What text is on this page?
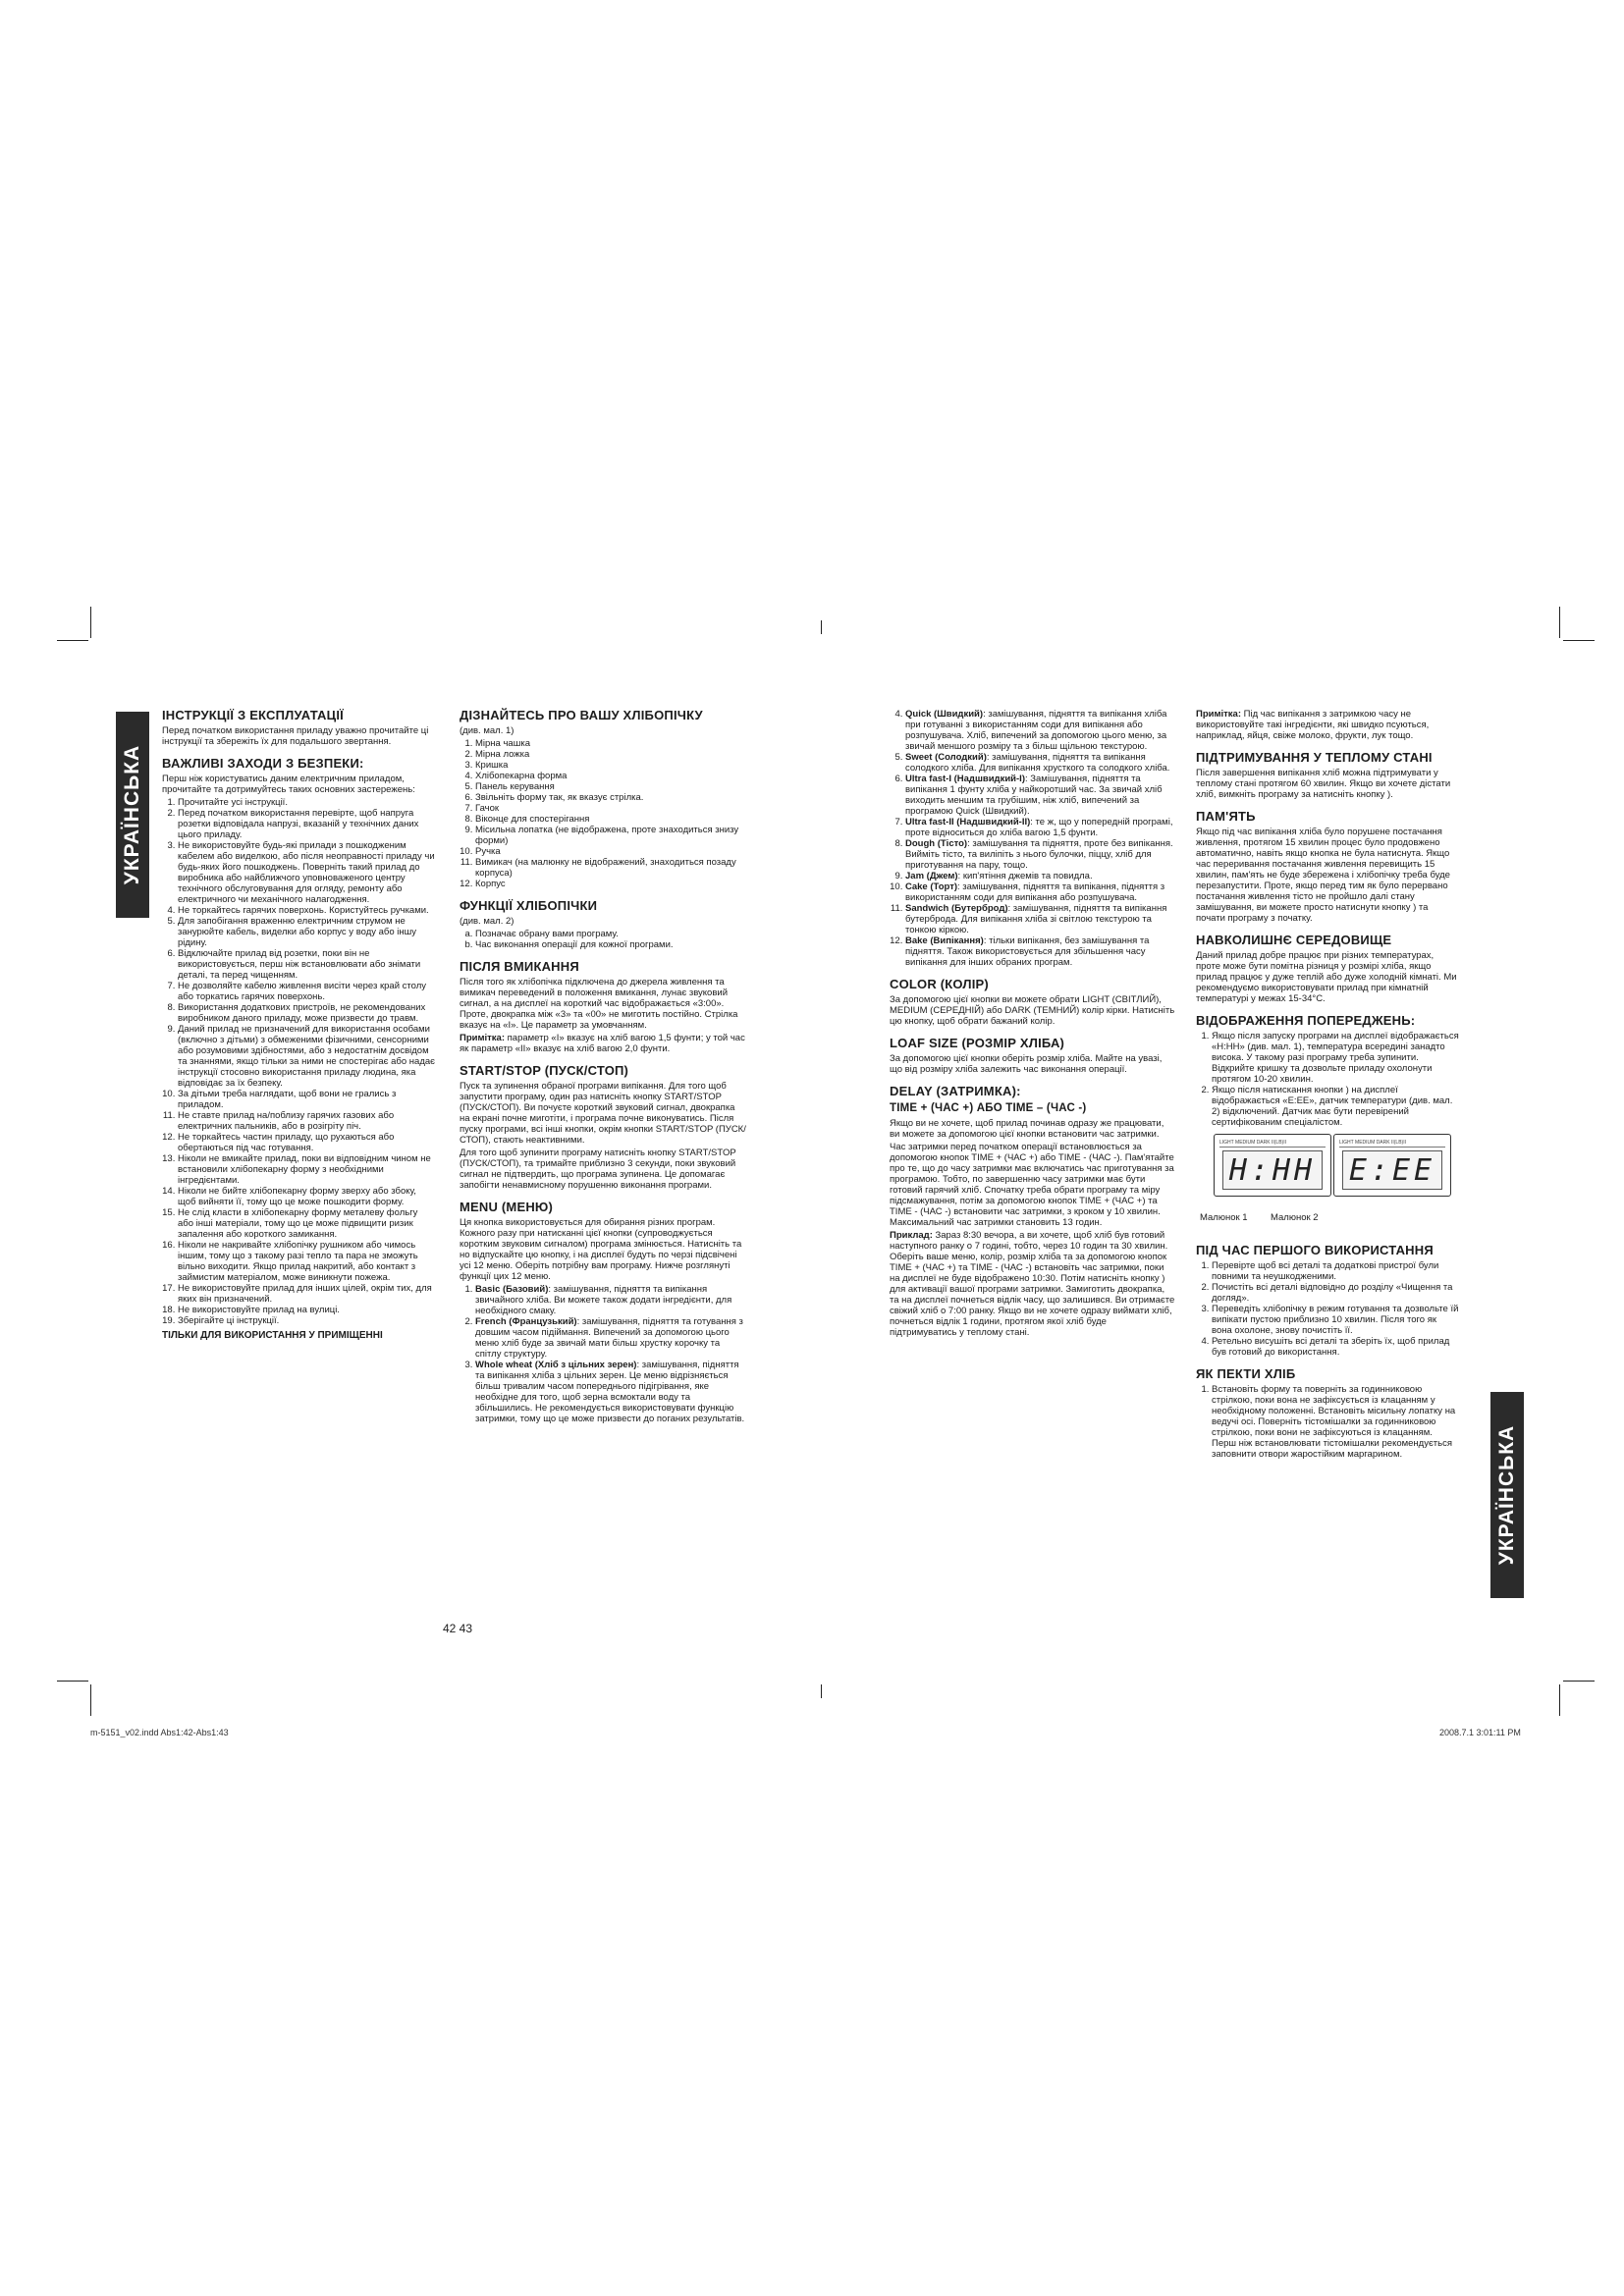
УКРАЇНСЬКА
УКРАЇНСЬКА
ІНСТРУКЦІЇ З ЕКСПЛУАТАЦІЇ

Перед початком використання приладу уважно прочитайте ці інструкції та збережіть їх для подальшого звертання.

ВАЖЛИВІ ЗАХОДИ З БЕЗПЕКИ:

Перш ніж користуватись даним електричним приладом, прочитайте та дотримуйтесь таких основних застережень:

1. Прочитайте усі інструкції.
2. Перед початком використання перевірте, щоб напруга розетки відповідала напрузі, вказаній у технічних даних цього приладу.
3. Не використовуйте будь-які прилади з пошкодженим кабелем або виделкою, або після неоправності приладу чи будь-яких його пошкоджень. Поверніть такий прилад до виробника або найближчого уповноваженого центру технічного обслуговування для огляду, ремонту або електричного чи механічного налагодження.
4. Не торкайтесь гарячих поверхонь. Користуйтесь ручками.
5. Для запобігання враженню електричним струмом не занурюйте кабель, виделки або корпус у воду або іншу рідину.
6. Відключайте прилад від розетки, поки він не використовується, перш ніж встановлювати або знімати деталі, та перед чищенням.
7. Не дозволяйте кабелю живлення висіти через край столу або торкатись гарячих поверхонь.
8. Використання додаткових пристроїв, не рекомендованих виробником даного приладу, може призвести до травм.
9. Даний прилад не призначений для використання особами (включно з дітьми) з обмеженими фізичними, сенсорними або розумовими здібностями, або з недостатнім досвідом та знаннями, якщо тільки за ними не спостерігає або надає інструкції стосовно використання приладу людина, яка відповідає за їх безпеку.
10. За дітьми треба наглядати, щоб вони не грались з приладом.
11. Не ставте прилад на/поблизу гарячих газових або електричних пальників, або в розігріту піч.
12. Не торкайтесь частин приладу, що рухаються або обертаються під час готування.
13. Ніколи не вмикайте прилад, поки ви відповідним чином не встановили хлібопекарну форму з необхідними інгредієнтами.
14. Ніколи не бийте хлібопекарну форму зверху або збоку, щоб вийняти її, тому що це може пошкодити форму.
15. Не слід класти в хлібопекарну форму металеву фольгу або інші матеріали, тому що це може підвищити ризик запалення або короткого замикання.
16. Ніколи не накривайте хлібопічку рушником або чимось іншим, тому що з такому разі тепло та пара не зможуть вільно виходити. Якщо прилад накритий, або контакт з займистим матеріалом, може виникнути пожежа.
17. Не використовуйте прилад для інших цілей, окрім тих, для яких він призначений.
18. Не використовуйте прилад на вулиці.
19. Зберігайте ці інструкції.

ТІЛЬКИ ДЛЯ ВИКОРИСТАННЯ У ПРИМІЩЕННІ

ДІЗНАЙТЕСЬ ПРО ВАШУ ХЛІБОПІЧКУ

(див. мал. 1)

1. Мірна чашка
2. Мірна ложка
3. Кришка
4. Хлібопекарна форма
5. Панель керування
6. Звільніть форму так, як вказує стрілка.
7. Гачок
8. Віконце для спостерігання
9. Місильна лопатка (не відображена, проте знаходиться знизу форми)
10. Ручка
11. Вимикач (на малюнку не відображений, знаходиться позаду корпуса)
12. Корпус
ФУНКЦІЇ ХЛІБОПІЧКИ

(див. мал. 2)

a. Позначає обрану вами програму.
b. Час виконання операції для кожної програми.
ПІСЛЯ ВМИКАННЯ

Після того як хлібопічка підключена до джерела живлення та вимикач переведений в положення вмикання, лунає звуковий сигнал, а на дисплеї на короткий час відображається «3:00». Проте, двокрапка між «3» та «00» не миготить постійно. Стрілка вказує на «I». Це параметр за умовчанням.

Примітка: параметр «I» вказує на хліб вагою 1,5 фунти; у той час як параметр «II» вказує на хліб вагою 2,0 фунти.

START/STOP (ПУСК/СТОП)

Пуск та зупинення обраної програми випікання. Для того щоб запустити програму, один раз натисніть кнопку START/STOP (ПУСК/СТОП). Ви почуєте короткий звуковий сигнал, двокрапка на екрані почне миготіти, і програма почне виконуватись. Після пуску програми, всі інші кнопки, окрім кнопки START/STOP (ПУСК/СТОП), стають неактивними.

Для того щоб зупинити програму натисніть кнопку START/STOP (ПУСК/СТОП), та тримайте приблизно 3 секунди, поки звуковий сигнал не підтвердить, що програма зупинена. Це допомагає запобігти ненавмисному порушенню виконання програми.

MENU (МЕНЮ)

Ця кнопка використовується для обирання різних програм. Кожного разу при натисканні цієї кнопки (супроводжується коротким звуковим сигналом) програма змінюється. Натисніть та но відпускайте цю кнопку, і на дисплеї будуть по черзі підсвічені усі 12 меню. Оберіть потрібну вам програму. Нижче розглянуті функції цих 12 меню.

1. Basic (Базовий): замішування, підняття та випікання звичайного хліба. Ви можете також додати інгредієнти, для необхідного смаку.
2. French (Французький): замішування, підняття та готування з довшим часом підіймання. Випечений за допомогою цього меню хліб буде за звичай мати більш хрустку корочку та спітлу структуру.
3. Whole wheat (Хліб з цільних зерен): замішування, підняття та випікання хліба з цільних зерен. Це меню відрізняється більш тривалим часом попереднього підігрівання, яке необхідне для того, щоб зерна всмоктали воду та збільшились. Не рекомендується використовувати функцію затримки, тому що це може призвести до поганих результатів.
4. Quick (Швидкий): замішування, підняття та випікання хліба при готуванні з використанням соди для випікання або розпушувача. Хліб, випечений за допомогою цього меню, за звичай меншого розміру та з більш щільною текстурою.
5. Sweet (Солодкий): замішування, підняття та випікання солодкого хліба. Для випікання хрусткого та солодкого хліба.
6. Ultra fast-I (Надшвидкий-I): Замішування, підняття та випікання 1 фунту хліба у найкоротший час. За звичай хліб виходить меншим та грубішим, ніж хліб, випечений за програмою Quick (Швидкий).
7. Ultra fast-II (Надшвидкий-II): те ж, що у попередній програмі, проте відноситься до хліба вагою 1,5 фунти.
8. Dough (Тісто): замішування та підняття, проте без випікання. Вийміть тісто, та виліпіть з нього булочки, піццу, хліб для приготування на пару, тощо.
9. Jam (Джем): кип'ятіння джемів та повидла.
10. Cake (Торт): замішування, підняття та випікання, підняття з використанням соди для випікання або розпушувача.
11. Sandwich (Бутерброд): замішування, підняття та випікання бутерброда. Для випікання хліба зі світлою текстурою та тонкою кіркою.
12. Bake (Випікання): тільки випікання, без замішування та підняття. Також використовується для збільшення часу випікання для інших обраних програм.
COLOR (КОЛІР)

За допомогою цієї кнопки ви можете обрати LIGHT (СВІТЛИЙ), MEDIUM (СЕРЕДНІЙ) або DARK (ТЕМНИЙ) колір кірки. Натисніть цю кнопку, щоб обрати бажаний колір.

LOAF SIZE (РОЗМІР ХЛІБА)

За допомогою цієї кнопки оберіть розмір хліба. Майте на увазі, що від розміру хліба залежить час виконання операції.

DELAY (ЗАТРИМКА):
TIME + (ЧАС +) АБО TIME – (ЧАС -)

Якщо ви не хочете, щоб прилад починав одразу же працювати, ви можете за допомогою цієї кнопки встановити час затримки.

Час затримки перед початком операції встановлюється за допомогою кнопок TIME + (ЧАС +) або TIME - (ЧАС -). Пам'ятайте про те, що до часу затримки має включатись час приготування за програмою. Тобто, по завершенню часу затримки має бути готовий гарячий хліб. Спочатку треба обрати програму та міру підсмажування, потім за допомогою кнопок TIME + (ЧАС +) та TIME - (ЧАС -) встановити час затримки, з кроком у 10 хвилин. Максимальний час затримки становить 13 годин.

Приклад: Зараз 8:30 вечора, а ви хочете, щоб хліб був готовий наступного ранку о 7 годині, тобто, через 10 годин та 30 хвилин. Оберіть ваше меню, колір, розмір хліба та за допомогою кнопок TIME + (ЧАС +) та TIME - (ЧАС -) встановіть час затримки, поки на дисплеї не буде відображено 10:30. Потім натисніть кнопку ) для активації вашої програми затримки. Замиготить двокрапка, та на дисплеї почнеться відлік часу, що залишився. Ви отримаєте свіжий хліб о 7:00 ранку. Якщо ви не хочете одразу виймати хліб, почнеться відлік 1 години, протягом якої хліб буде підтримуватись у теплому стані.

Примітка: Під час випікання з затримкою часу не використовуйте такі інгредієнти, які швидко псуються, наприклад, яйця, свіже молоко, фрукти, лук тощо.

ПІДТРИМУВАННЯ У ТЕПЛОМУ СТАНІ

Після завершення випікання хліб можна підтримувати у теплому стані протягом 60 хвилин. Якщо ви хочете дістати хліб, вимкніть програму за натисніть кнопку ).

ПАМ'ЯТЬ

Якщо під час випікання хліба було порушене постачання живлення, протягом 15 хвилин процес було продовжено автоматично, навіть якщо кнопка не була натиснута. Якщо час переривання постачання живлення перевищить 15 хвилин, пам'ять не буде збережена і хлібопічку треба буде перезапустити. Проте, якщо перед тим як було перервано постачання живлення тісто не пройшло далі стану замішування, ви можете просто натиснути кнопку ) та почати програму з початку.

НАВКОЛИШНЄ СЕРЕДОВИЩЕ

Даний прилад добре працює при різних температурах, проте може бути помітна різниця у розмірі хліба, якщо прилад працює у дуже теплій або дуже холодній кімнаті. Ми рекомендуємо використовувати прилад при кімнатній температурі у межах 15-34°C.

ВІДОБРАЖЕННЯ ПОПЕРЕДЖЕНЬ:
1. Якщо після запуску програми на дисплеї відображається «H:HH» (див. мал. 1), температура всередині занадто висока. У такому разі програму треба зупинити. Відкрийте кришку та дозвольте приладу охолонути протягом 10-20 хвилин.
2. Якщо після натискання кнопки ) на дисплеї відображається «E:EE», датчик температури (див. мал. 2) відключений. Датчик має бути перевірений сертифікованим спеціалістом.
LIGHT MEDIUM DARK II(LB)II
H:HH
LIGHT MEDIUM DARK II(LB)II
E:EE
Малюнок 1 Малюнок 2
ПІД ЧАС ПЕРШОГО ВИКОРИСТАННЯ
1. Перевірте щоб всі деталі та додаткові пристрої були повними та неушкодженими.
2. Почистіть всі деталі відповідно до розділу «Чищення та догляд».
3. Переведіть хлібопічку в режим готування та дозвольте їй випікати пустою приблизно 10 хвилин. Після того як вона охолоне, знову почистіть її.
4. Ретельно висушіть всі деталі та зберіть їх, щоб прилад був готовий до використання.
ЯК ПЕКТИ ХЛІБ
1. Встановіть форму та поверніть за годинниковою стрілкою, поки вона не зафіксується із клацанням у необхідному положенні. Встановіть місильну лопатку на ведучі осі. Поверніть тістомішалки за годинниковою стрілкою, поки вони не зафіксуються із клацанням. Перш ніж встановлювати тістомішалки рекомендується заповнити отвори жаростійким маргарином.
42 43
m-5151_v02.indd Abs1:42-Abs1:43	2008.7.1 3:01:11 PM
